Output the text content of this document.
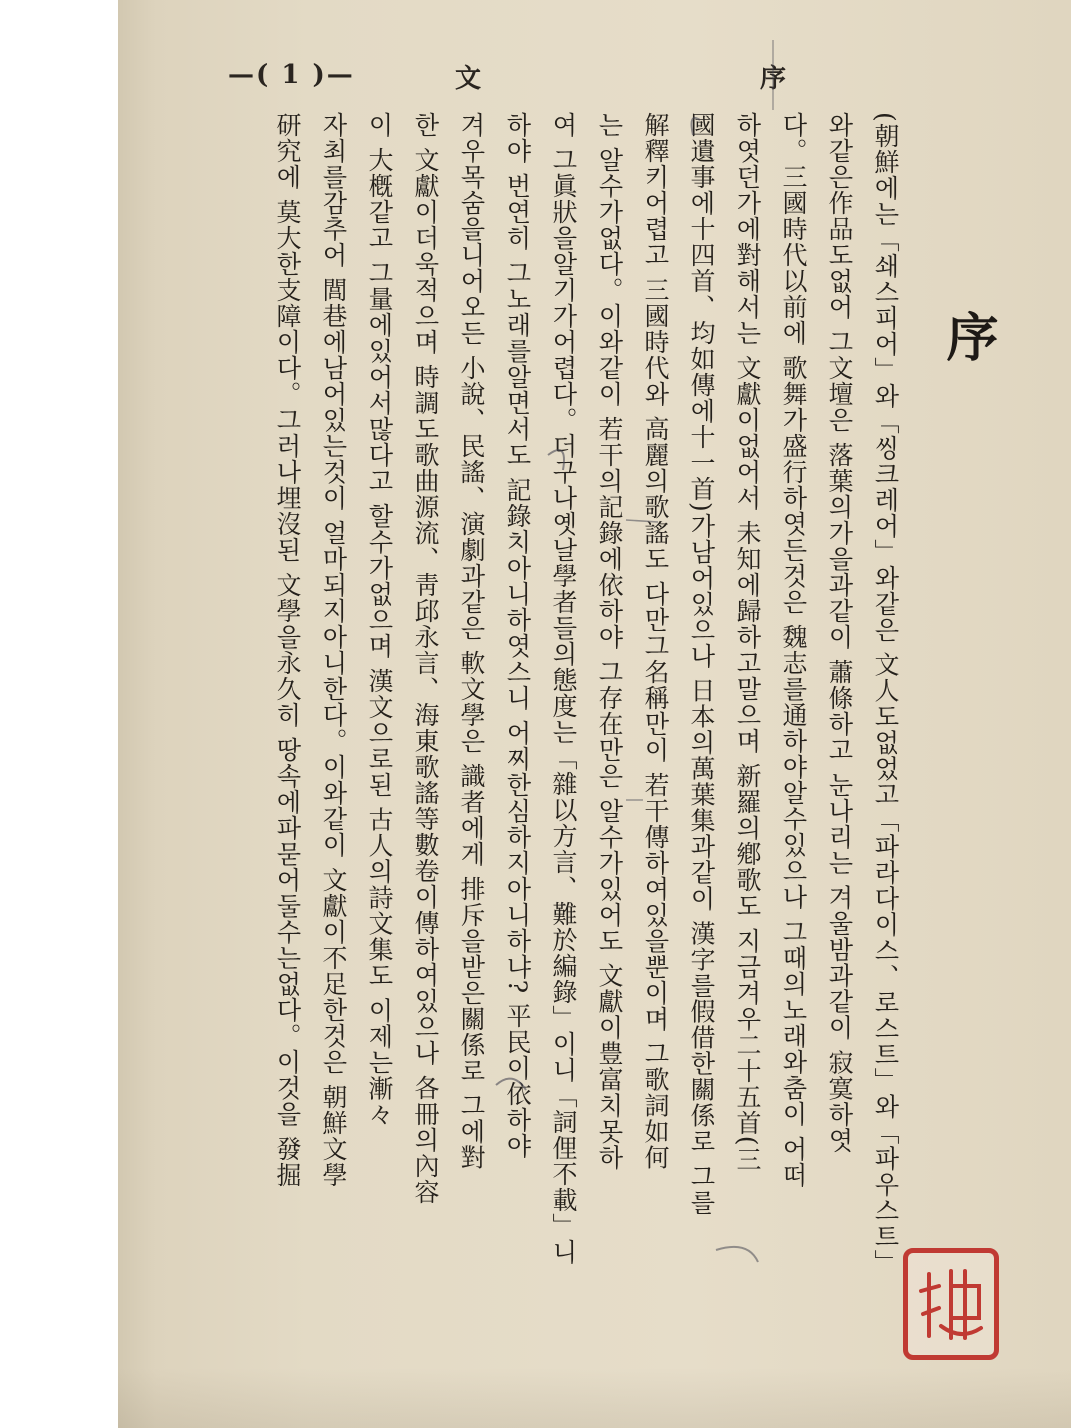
序
文
—( 1 )—
序
(朝鮮에는「쇄스피어」와「씽크레어」와같은 文人도없었고「파라다이스、로스트」와「파우스트」
와같은作品도없어 그文壇은 落葉의가을과같이 蕭條하고 눈나리는 겨울밤과같이 寂寞하엿
다。三國時代以前에 歌舞가盛行하엿든것은 魏志를通하야알수있으나 그때의노래와춤이 어떠
하엿던가에對해서는 文獻이없어서 未知에歸하고말으며 新羅의鄕歌도 지금겨우二十五首(三
國遺事에十四首、均如傳에十一首)가남어있으나 日本의萬葉集과같이 漢字를假借한關係로 그를
解釋키어렵고 三國時代와 高麗의歌謠도 다만그名稱만이 若干傳하여있을뿐이며 그歌詞如何
는 알수가없다。이와같이 若干의記錄에依하야 그存在만은 알수가있어도 文獻이豊富치못하
여 그眞狀을알기가어렵다。더구나옛날學者들의態度는「雜以方言、難於編錄」이니「詞俚不載」니
하야 번연히 그노래를알면서도 記錄치아니하엿스니 어찌한심하지아니하냐? 平民이依하야
겨우목숨을니어오든 小說、民謠、演劇과같은 軟文學은 識者에게 排斥을받은關係로 그에對
한 文獻이더욱적으며 時調도歌曲源流、靑邱永言、海東歌謠等數卷이傳하여있으나 各冊의內容
이 大槪같고 그量에있어서많다고 할수가없으며 漢文으로된 古人의詩文集도 이제는漸々
자최를감추어 閭巷에남어있는것이 얼마되지아니한다。이와같이 文獻이不足한것은 朝鮮文學
研究에 莫大한支障이다。그러나埋沒된 文學을永久히 땅속에파묻어둘수는없다。이것을 發掘
